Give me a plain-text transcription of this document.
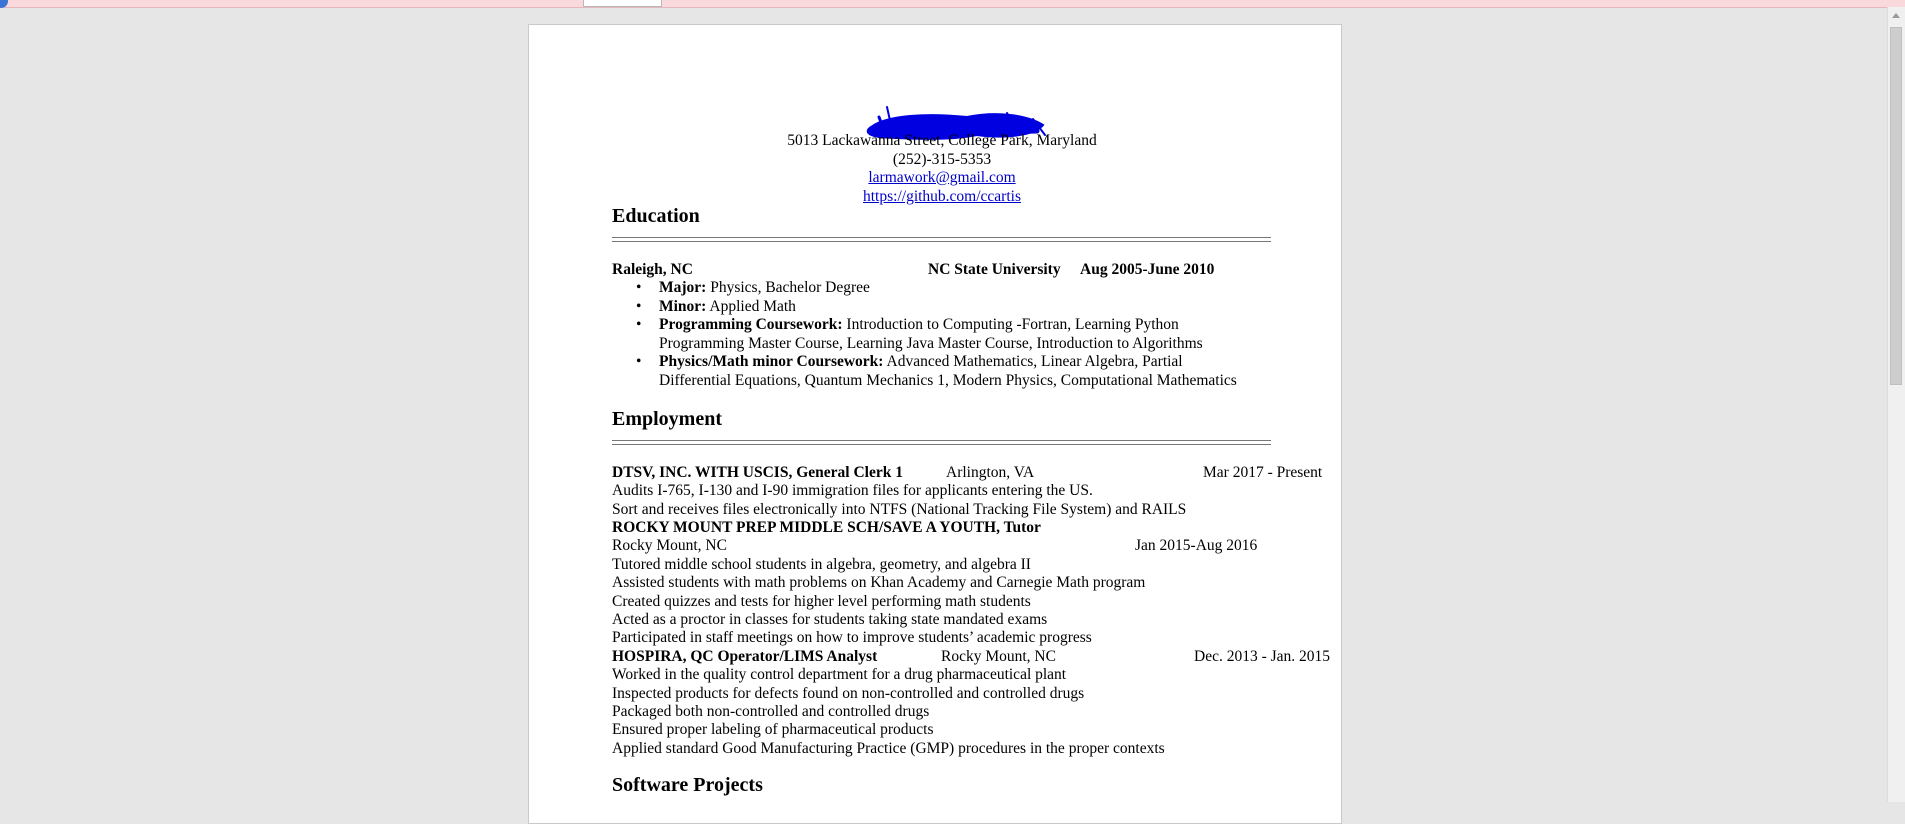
5013 Lackawanna Street, College Park, Maryland
(252)-315-5353
larmawork@gmail.com
https://github.com/ccartis
Education
Raleigh, NC	NC State University Aug 2005-June 2010
• Major: Physics, Bachelor Degree
• Minor: Applied Math
• Programming Coursework: Introduction to Computing -Fortran, Learning Python
Programming Master Course, Learning Java Master Course, Introduction to Algorithms
• Physics/Math minor Coursework: Advanced Mathematics, Linear Algebra, Partial
Differential Equations, Quantum Mechanics 1, Modern Physics, Computational Mathematics
Employment
DTSV, INC. WITH USCIS, General Clerk 1	Arlington, VA	Mar 2017 - Present
Audits I-765, I-130 and I-90 immigration files for applicants entering the US.
Sort and receives files electronically into NTFS (National Tracking File System) and RAILS
ROCKY MOUNT PREP MIDDLE SCH/SAVE A YOUTH, Tutor
Rocky Mount, NC	Jan 2015-Aug 2016
Tutored middle school students in algebra, geometry, and algebra II
Assisted students with math problems on Khan Academy and Carnegie Math program
Created quizzes and tests for higher level performing math students
Acted as a proctor in classes for students taking state mandated exams
Participated in staff meetings on how to improve students’ academic progress
HOSPIRA, QC Operator/LIMS Analyst	Rocky Mount, NC	Dec. 2013 - Jan. 2015
Worked in the quality control department for a drug pharmaceutical plant
Inspected products for defects found on non-controlled and controlled drugs
Packaged both non-controlled and controlled drugs
Ensured proper labeling of pharmaceutical products
Applied standard Good Manufacturing Practice (GMP) procedures in the proper contexts
Software Projects
